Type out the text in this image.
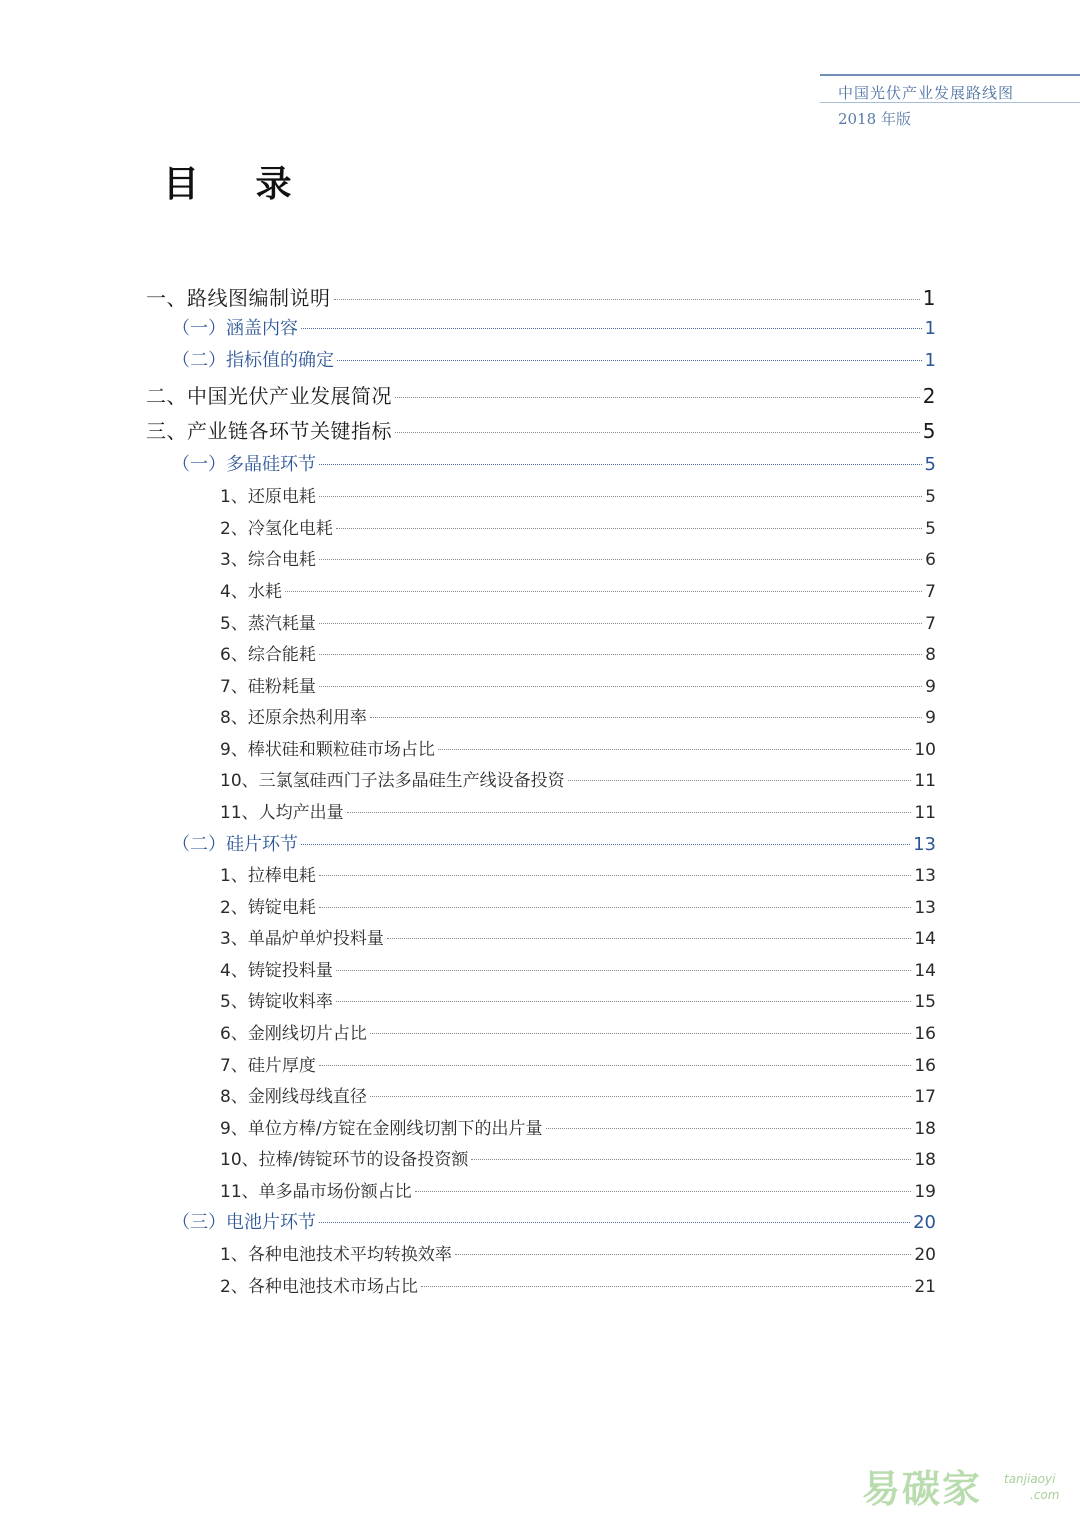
中国光伏产业发展路线图
2018 年版
目 录
一、路线图编制说明	1
（一）涵盖内容	1
（二）指标值的确定	1
二、中国光伏产业发展简况	2
三、产业链各环节关键指标	5
（一）多晶硅环节	5
1、还原电耗	5
2、冷氢化电耗	5
3、综合电耗	6
4、水耗	7
5、蒸汽耗量	7
6、综合能耗	8
7、硅粉耗量	9
8、还原余热利用率	9
9、棒状硅和颗粒硅市场占比	10
10、三氯氢硅西门子法多晶硅生产线设备投资	11
11、人均产出量	11
（二）硅片环节	13
1、拉棒电耗	13
2、铸锭电耗	13
3、单晶炉单炉投料量	14
4、铸锭投料量	14
5、铸锭收料率	15
6、金刚线切片占比	16
7、硅片厚度	16
8、金刚线母线直径	17
9、单位方棒/方锭在金刚线切割下的出片量	18
10、拉棒/铸锭环节的设备投资额	18
11、单多晶市场份额占比	19
（三）电池片环节	20
1、各种电池技术平均转换效率	20
2、各种电池技术市场占比	21
易碳家 tanjiaoyi
.com
